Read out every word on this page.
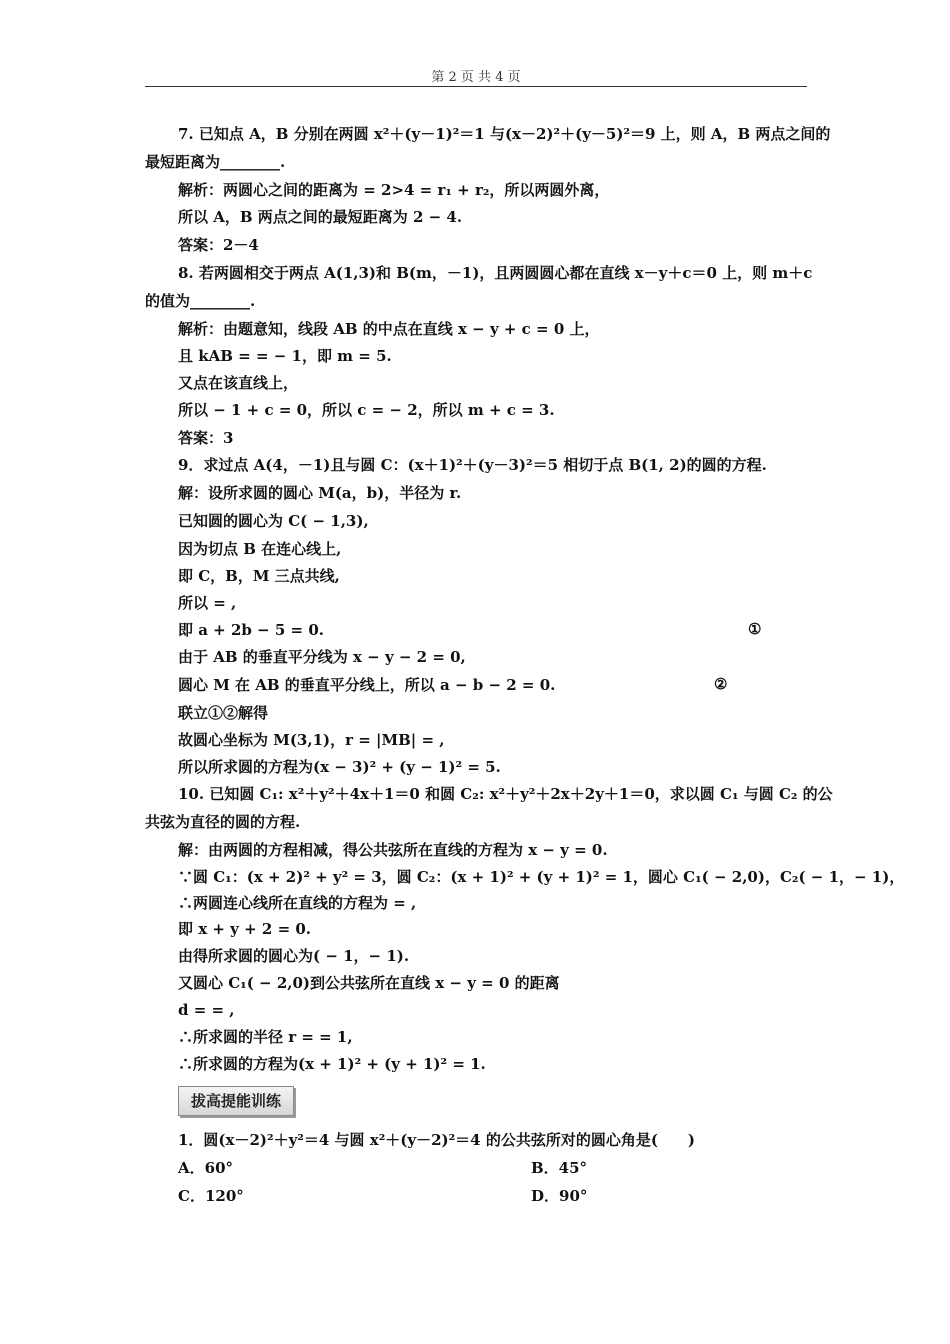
第 2 页 共 4 页
7. 已知点 A，B 分别在两圆 x²＋(y－1)²＝1 与(x－2)²＋(y－5)²＝9 上，则 A，B 两点之间的
最短距离为________.
解析：两圆心之间的距离为 = 2>4 = r₁ + r₂，所以两圆外离，
所以 A，B 两点之间的最短距离为 2 − 4.
答案：2－4
8. 若两圆相交于两点 A(1,3)和 B(m，－1)，且两圆圆心都在直线 x－y＋c＝0 上，则 m＋c
的值为________.
解析：由题意知，线段 AB 的中点在直线 x − y + c = 0 上，
且 kAB = = − 1，即 m = 5.
又点在该直线上，
所以 − 1 + c = 0，所以 c = − 2，所以 m + c = 3.
答案：3
9．求过点 A(4，－1)且与圆 C：(x＋1)²＋(y－3)²＝5 相切于点 B(1, 2)的圆的方程.
解：设所求圆的圆心 M(a，b)，半径为 r.
已知圆的圆心为 C( − 1,3),
因为切点 B 在连心线上,
即 C，B，M 三点共线,
所以 = ,
即 a + 2b − 5 = 0.	①
由于 AB 的垂直平分线为 x − y − 2 = 0,
圆心 M 在 AB 的垂直平分线上，所以 a − b − 2 = 0.	②
联立①②解得
故圆心坐标为 M(3,1)，r = |MB| = ,
所以所求圆的方程为(x − 3)² + (y − 1)² = 5.
10. 已知圆 C₁: x²＋y²＋4x＋1＝0 和圆 C₂: x²＋y²＋2x＋2y＋1＝0，求以圆 C₁ 与圆 C₂ 的公
共弦为直径的圆的方程.
解：由两圆的方程相减，得公共弦所在直线的方程为 x − y = 0.
∵圆 C₁：(x + 2)² + y² = 3，圆 C₂：(x + 1)² + (y + 1)² = 1，圆心 C₁( − 2,0)，C₂( − 1，− 1)，
∴两圆连心线所在直线的方程为 = ,
即 x + y + 2 = 0.
由得所求圆的圆心为( − 1，− 1).
又圆心 C₁( − 2,0)到公共弦所在直线 x − y = 0 的距离
d = = ,
∴所求圆的半径 r = = 1,
∴所求圆的方程为(x + 1)² + (y + 1)² = 1.
拔高提能训练
1．圆(x－2)²＋y²＝4 与圆 x²＋(y－2)²＝4 的公共弦所对的圆心角是(　　)
A．60°	B．45°
C．120°	D．90°
